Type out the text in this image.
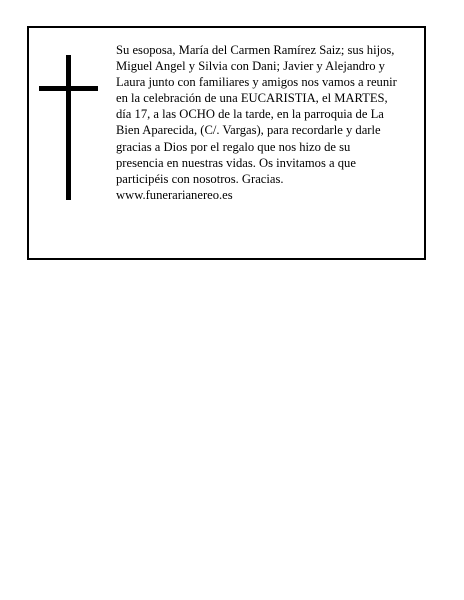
Su esoposa, María del Carmen Ramírez Saiz; sus hijos,
Miguel Angel y Silvia con Dani; Javier y Alejandro y
Laura junto con familiares y amigos nos vamos a reunir
en la celebración de una EUCARISTIA, el MARTES,
día 17, a las OCHO de la tarde, en la parroquia de La
Bien Aparecida, (C/. Vargas), para recordarle y darle
gracias a Dios por el regalo que nos hizo de su
presencia en nuestras vidas. Os invitamos a que
participéis con nosotros. Gracias.
www.funerarianereo.es
